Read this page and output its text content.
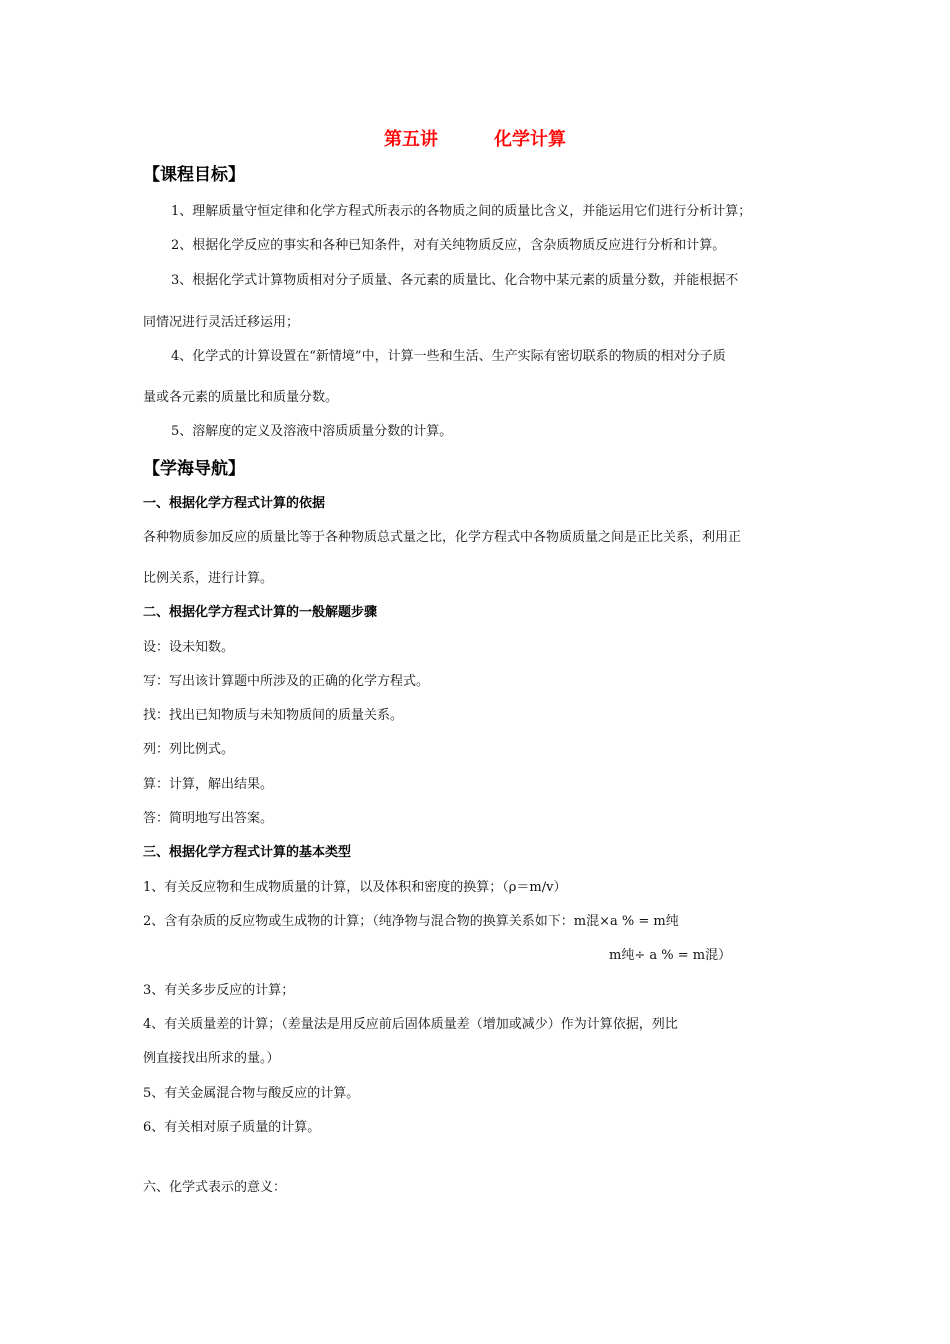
第五讲	化学计算
【课程目标】
1、理解质量守恒定律和化学方程式所表示的各物质之间的质量比含义，并能运用它们进行分析计算；
2、根据化学反应的事实和各种已知条件，对有关纯物质反应，含杂质物质反应进行分析和计算。
3、根据化学式计算物质相对分子质量、各元素的质量比、化合物中某元素的质量分数，并能根据不
同情况进行灵活迁移运用；
4、化学式的计算设置在“新情境”中，计算一些和生活、生产实际有密切联系的物质的相对分子质
量或各元素的质量比和质量分数。
5、溶解度的定义及溶液中溶质质量分数的计算。
【学海导航】
一、根据化学方程式计算的依据
各种物质参加反应的质量比等于各种物质总式量之比，化学方程式中各物质质量之间是正比关系，利用正
比例关系，进行计算。
二、根据化学方程式计算的一般解题步骤
设：设未知数。
写：写出该计算题中所涉及的正确的化学方程式。
找：找出已知物质与未知物质间的质量关系。
列：列比例式。
算：计算，解出结果。
答：简明地写出答案。
三、根据化学方程式计算的基本类型
1、有关反应物和生成物质量的计算，以及体积和密度的换算；（ρ＝m/v）
2、含有杂质的反应物或生成物的计算；（纯净物与混合物的换算关系如下：m混×a % = m纯
m纯÷ a % = m混）
3、有关多步反应的计算；
4、有关质量差的计算；（差量法是用反应前后固体质量差（增加或减少）作为计算依据，列比
例直接找出所求的量。）
5、有关金属混合物与酸反应的计算。
6、有关相对原子质量的计算。
六、化学式表示的意义：
